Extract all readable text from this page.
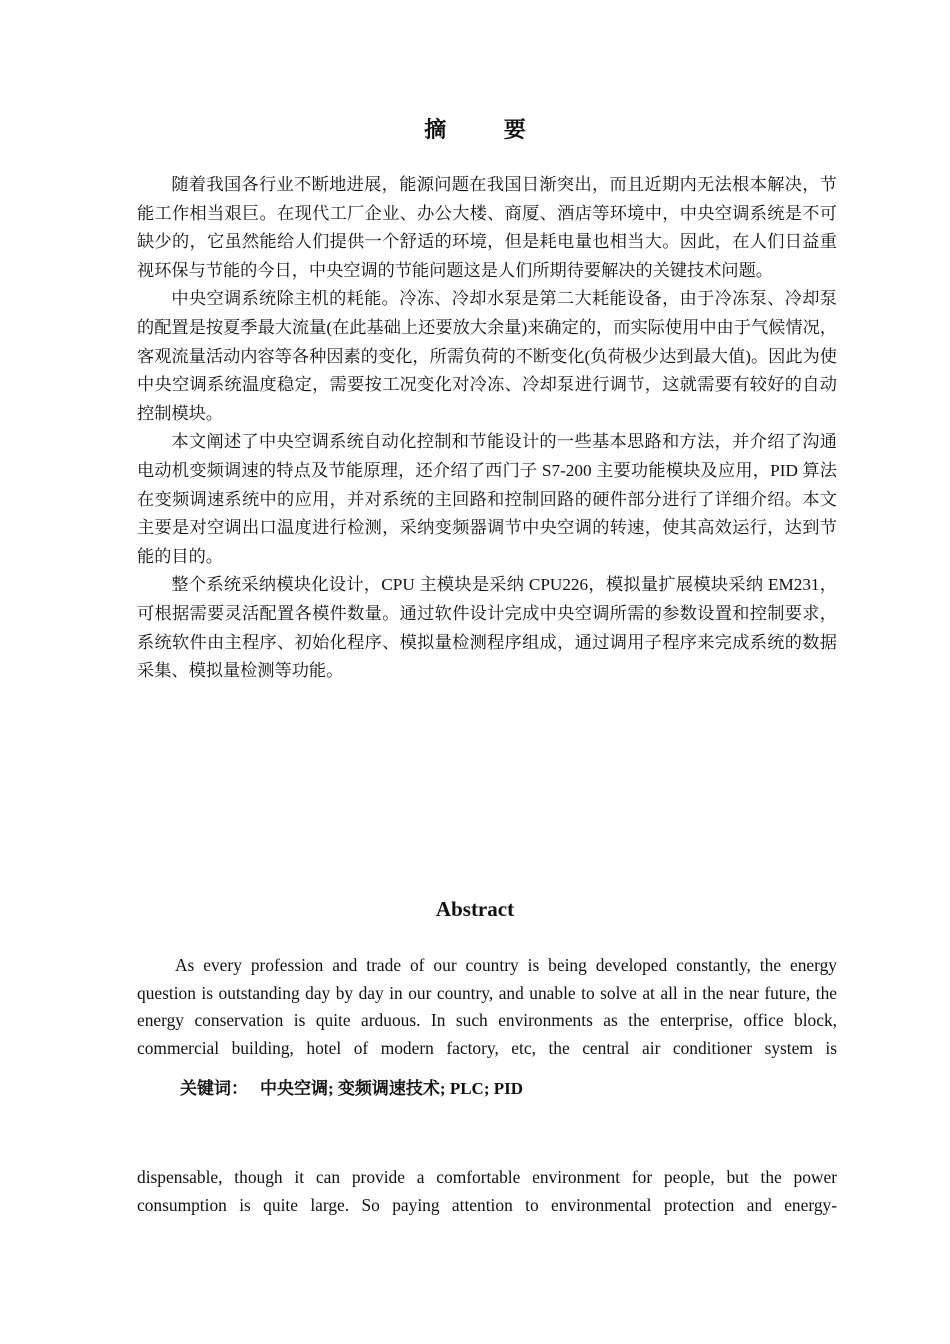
摘 要

随着我国各行业不断地进展，能源问题在我国日渐突出，而且近期内无法根本解决，节能工作相当艰巨。在现代工厂企业、办公大楼、商厦、酒店等环境中，中央空调系统是不可缺少的，它虽然能给人们提供一个舒适的环境，但是耗电量也相当大。因此，在人们日益重视环保与节能的今日，中央空调的节能问题这是人们所期待要解决的关键技术问题。

中央空调系统除主机的耗能。冷冻、冷却水泵是第二大耗能设备，由于冷冻泵、冷却泵的配置是按夏季最大流量(在此基础上还要放大余量)来确定的，而实际使用中由于气候情况，客观流量活动内容等各种因素的变化，所需负荷的不断变化(负荷极少达到最大值)。因此为使中央空调系统温度稳定，需要按工况变化对冷冻、冷却泵进行调节，这就需要有较好的自动控制模块。

本文阐述了中央空调系统自动化控制和节能设计的一些基本思路和方法，并介绍了沟通电动机变频调速的特点及节能原理，还介绍了西门子 S7-200 主要功能模块及应用，PID 算法在变频调速系统中的应用，并对系统的主回路和控制回路的硬件部分进行了详细介绍。本文主要是对空调出口温度进行检测，采纳变频器调节中央空调的转速，使其高效运行，达到节能的目的。

整个系统采纳模块化设计，CPU 主模块是采纳 CPU226，模拟量扩展模块采纳 EM231，可根据需要灵活配置各模件数量。通过软件设计完成中央空调所需的参数设置和控制要求，系统软件由主程序、初始化程序、模拟量检测程序组成，通过调用子程序来完成系统的数据采集、模拟量检测等功能。

Abstract

As every profession and trade of our country is being developed constantly, the energy question is outstanding day by day in our country, and unable to solve at all in the near future, the energy conservation is quite arduous. In such environments as the enterprise, office block, commercial building, hotel of modern factory, etc, the central air conditioner system is

关键词： 中央空调; 变频调速技术; PLC; PID

dispensable, though it can provide a comfortable environment for people, but the power consumption is quite large. So paying attention to environmental protection and energy-
